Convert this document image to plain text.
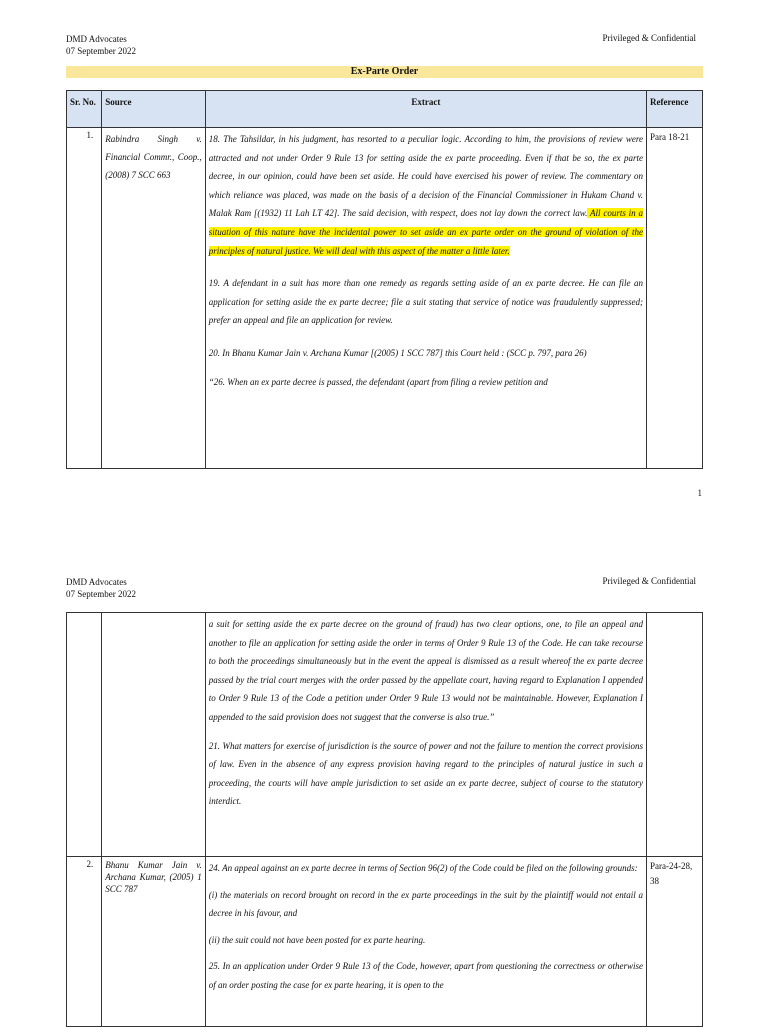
DMD Advocates
07 September 2022
Privileged & Confidential
Ex-Parte Order
Sr. No.	Source	Extract	Reference
1.	Rabindra Singh v. Financial Commr., Coop., (2008) 7 SCC 663	18. The Tahsildar, in his judgment, has resorted to a peculiar logic. According to him, the provisions of review were attracted and not under Order 9 Rule 13 for setting aside the ex parte proceeding. Even if that be so, the ex parte decree, in our opinion, could have been set aside. He could have exercised his power of review. The commentary on which reliance was placed, was made on the basis of a decision of the Financial Commissioner in Hukam Chand v. Malak Ram [(1932) 11 Lah LT 42]. The said decision, with respect, does not lay down the correct law. All courts in a situation of this nature have the incidental power to set aside an ex parte order on the ground of violation of the principles of natural justice. We will deal with this aspect of the matter a little later.

19. A defendant in a suit has more than one remedy as regards setting aside of an ex parte decree. He can file an application for setting aside the ex parte decree; file a suit stating that service of notice was fraudulently suppressed; prefer an appeal and file an application for review.

20. In Bhanu Kumar Jain v. Archana Kumar [(2005) 1 SCC 787] this Court held : (SCC p. 797, para 26)

“26. When an ex parte decree is passed, the defendant (apart from filing a review petition and	Para 18-21
1
DMD Advocates
07 September 2022
Privileged & Confidential

		a suit for setting aside the ex parte decree on the ground of fraud) has two clear options, one, to file an appeal and another to file an application for setting aside the order in terms of Order 9 Rule 13 of the Code. He can take recourse to both the proceedings simultaneously but in the event the appeal is dismissed as a result whereof the ex parte decree passed by the trial court merges with the order passed by the appellate court, having regard to Explanation I appended to Order 9 Rule 13 of the Code a petition under Order 9 Rule 13 would not be maintainable. However, Explanation I appended to the said provision does not suggest that the converse is also true.”

21. What matters for exercise of jurisdiction is the source of power and not the failure to mention the correct provisions of law. Even in the absence of any express provision having regard to the principles of natural justice in such a proceeding, the courts will have ample jurisdiction to set aside an ex parte decree, subject of course to the statutory interdict.	

2.	Bhanu Kumar Jain v. Archana Kumar, (2005) 1 SCC 787	24. An appeal against an ex parte decree in terms of Section 96(2) of the Code could be filed on the following grounds:

(i) the materials on record brought on record in the ex parte proceedings in the suit by the plaintiff would not entail a decree in his favour, and

(ii) the suit could not have been posted for ex parte hearing.

25. In an application under Order 9 Rule 13 of the Code, however, apart from questioning the correctness or otherwise of an order posting the case for ex parte hearing, it is open to the	Para-24-28, 38
